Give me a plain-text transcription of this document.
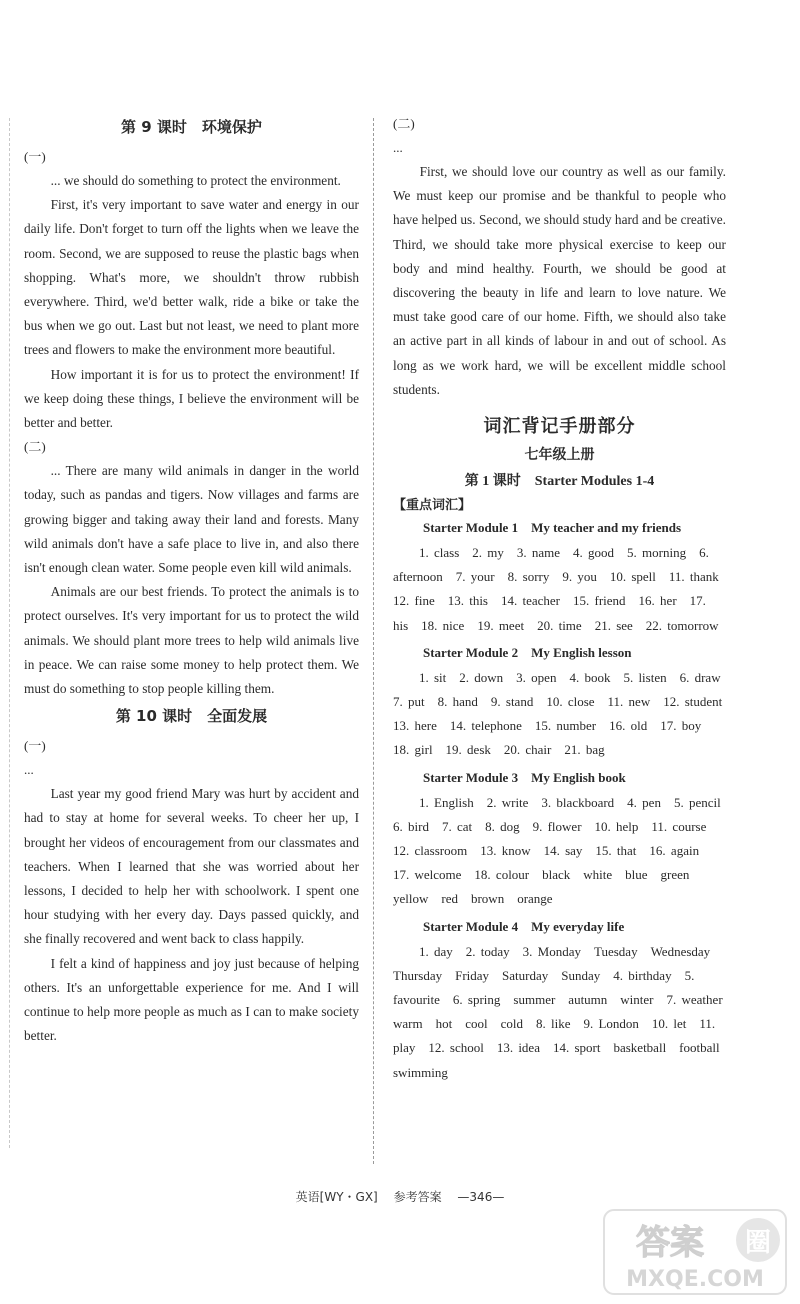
第 9 课时　环境保护
(一)

... we should do something to protect the environment.

First, it's very important to save water and energy in our daily life. Don't forget to turn off the lights when we leave the room. Second, we are supposed to reuse the plastic bags when shopping. What's more, we shouldn't throw rubbish everywhere. Third, we'd better walk, ride a bike or take the bus when we go out. Last but not least, we need to plant more trees and flowers to make the environment more beautiful.

How important it is for us to protect the environment! If we keep doing these things, I believe the environment will be better and better.

(二)

... There are many wild animals in danger in the world today, such as pandas and tigers. Now villages and farms are growing bigger and taking away their land and forests. Many wild animals don't have a safe place to live in, and also there isn't enough clean water. Some people even kill wild animals.

Animals are our best friends. To protect the animals is to protect ourselves. It's very important for us to protect the wild animals. We should plant more trees to help wild animals live in peace. We can raise some money to help protect them. We must do something to stop people killing them.

第 10 课时　全面发展
(一)
...

Last year my good friend Mary was hurt by accident and had to stay at home for several weeks. To cheer her up, I brought her videos of encouragement from our classmates and teachers. When I learned that she was worried about her lessons, I decided to help her with schoolwork. I spent one hour studying with her every day. Days passed quickly, and she finally recovered and went back to class happily.

I felt a kind of happiness and joy just because of helping others. It's an unforgettable experience for me. And I will continue to help more people as much as I can to make society better.

(二)
...

First, we should love our country as well as our family. We must keep our promise and be thankful to people who have helped us. Second, we should study hard and be creative. Third, we should take more physical exercise to keep our body and mind healthy. Fourth, we should be good at discovering the beauty in life and learn to love nature. We must take good care of our home. Fifth, we should also take an active part in all kinds of labour in and out of school. As long as we work hard, we will be excellent middle school students.

词汇背记手册部分
七年级上册
第 1 课时　Starter Modules 1-4
【重点词汇】
Starter Module 1　My teacher and my friends

1. class　2. my　3. name　4. good　5. morning　6. afternoon　7. your　8. sorry　9. you　10. spell　11. thank　12. fine　13. this　14. teacher　15. friend　16. her　17. his　18. nice　19. meet　20. time　21. see　22. tomorrow

Starter Module 2　My English lesson

1. sit　2. down　3. open　4. book　5. listen　6. draw　7. put　8. hand　9. stand　10. close　11. new　12. student　13. here　14. telephone　15. number　16. old　17. boy　18. girl　19. desk　20. chair　21. bag

Starter Module 3　My English book

1. English　2. write　3. blackboard　4. pen　5. pencil　6. bird　7. cat　8. dog　9. flower　10. help　11. course　12. classroom　13. know　14. say　15. that　16. again　17. welcome　18. colour　black　white　blue　green　yellow　red　brown　orange

Starter Module 4　My everyday life

1. day　2. today　3. Monday　Tuesday　Wednesday　Thursday　Friday　Saturday　Sunday　4. birthday　5. favourite　6. spring　summer　autumn　winter　7. weather　warm　hot　cool　cold　8. like　9. London　10. let　11. play　12. school　13. idea　14. sport　basketball　football　swimming

英语[WY・GX] 参考答案 —346—
答案 圈
MXQE.COM
